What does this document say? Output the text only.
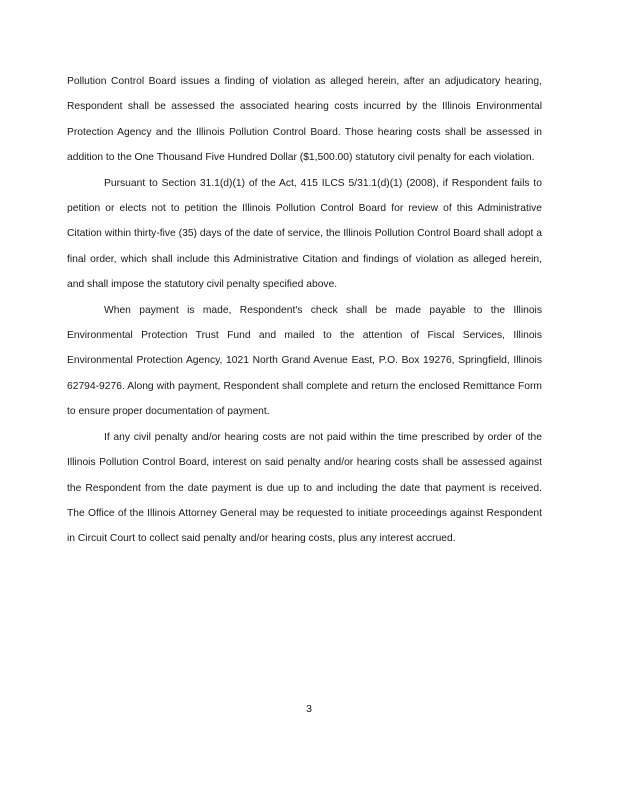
Pollution Control Board issues a finding of violation as alleged herein, after an adjudicatory hearing, Respondent shall be assessed the associated hearing costs incurred by the Illinois Environmental Protection Agency and the Illinois Pollution Control Board. Those hearing costs shall be assessed in addition to the One Thousand Five Hundred Dollar ($1,500.00) statutory civil penalty for each violation.

Pursuant to Section 31.1(d)(1) of the Act, 415 ILCS 5/31.1(d)(1) (2008), if Respondent fails to petition or elects not to petition the Illinois Pollution Control Board for review of this Administrative Citation within thirty-five (35) days of the date of service, the Illinois Pollution Control Board shall adopt a final order, which shall include this Administrative Citation and findings of violation as alleged herein, and shall impose the statutory civil penalty specified above.

When payment is made, Respondent's check shall be made payable to the Illinois Environmental Protection Trust Fund and mailed to the attention of Fiscal Services, Illinois Environmental Protection Agency, 1021 North Grand Avenue East, P.O. Box 19276, Springfield, Illinois 62794-9276. Along with payment, Respondent shall complete and return the enclosed Remittance Form to ensure proper documentation of payment.

If any civil penalty and/or hearing costs are not paid within the time prescribed by order of the Illinois Pollution Control Board, interest on said penalty and/or hearing costs shall be assessed against the Respondent from the date payment is due up to and including the date that payment is received. The Office of the Illinois Attorney General may be requested to initiate proceedings against Respondent in Circuit Court to collect said penalty and/or hearing costs, plus any interest accrued.

3
